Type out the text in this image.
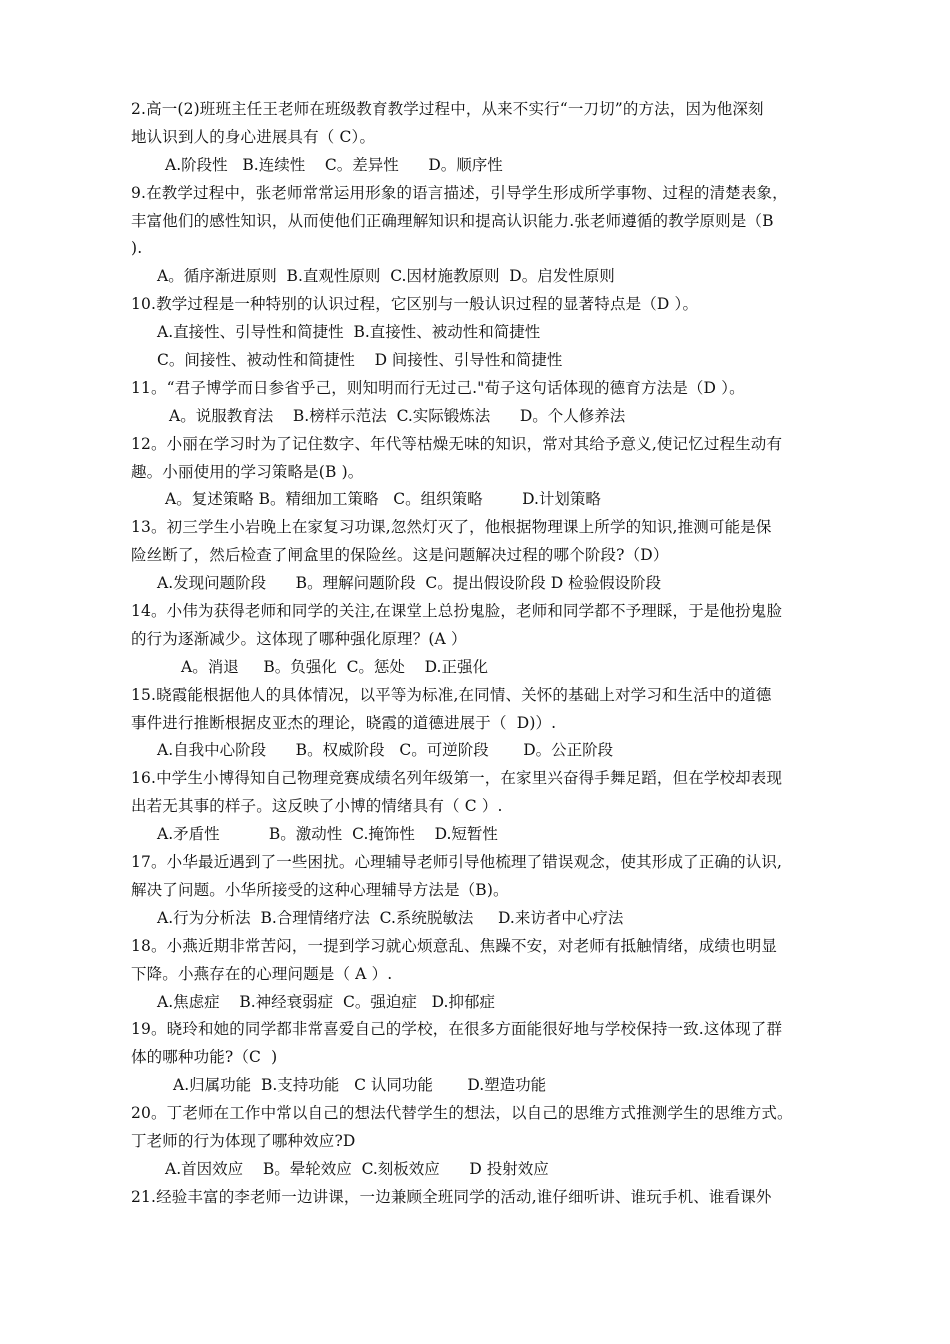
2.高一(2)班班主任王老师在班级教育教学过程中，从来不实行“一刀切”的方法，因为他深刻
地认识到人的身心进展具有（ C）。
A.阶段性   B.连续性    C。差异性      D。顺序性
9.在教学过程中，张老师常常运用形象的语言描述，引导学生形成所学事物、过程的清楚表象，
丰富他们的感性知识，从而使他们正确理解知识和提高认识能力.张老师遵循的教学原则是（B
).
A。循序渐进原则  B.直观性原则  C.因材施教原则  D。启发性原则
10.教学过程是一种特别的认识过程，它区别与一般认识过程的显著特点是（D ）。
A.直接性、引导性和简捷性  B.直接性、被动性和简捷性
C。间接性、被动性和简捷性    D 间接性、引导性和简捷性
11。“君子博学而日参省乎己，则知明而行无过己."荀子这句话体现的德育方法是（D ）。
A。说服教育法    B.榜样示范法  C.实际锻炼法      D。个人修养法
12。小丽在学习时为了记住数字、年代等枯燥无味的知识，常对其给予意义,使记忆过程生动有
趣。小丽使用的学习策略是(B )。
A。复述策略 B。精细加工策略   C。组织策略        D.计划策略
13。初三学生小岩晚上在家复习功课,忽然灯灭了，他根据物理课上所学的知识,推测可能是保
险丝断了，然后检查了闸盒里的保险丝。这是问题解决过程的哪个阶段?（D）
A.发现问题阶段      B。理解问题阶段  C。提出假设阶段 D 检验假设阶段
14。小伟为获得老师和同学的关注,在课堂上总扮鬼脸，老师和同学都不予理睬，于是他扮鬼脸
的行为逐渐减少。这体现了哪种强化原理？(A ）
A。消退     B。负强化  C。惩处    D.正强化
15.晓霞能根据他人的具体情况，以平等为标准,在同情、关怀的基础上对学习和生活中的道德
事件进行推断根据皮亚杰的理论，晓霞的道德进展于（  D)）.
A.自我中心阶段      B。权威阶段   C。可逆阶段       D。公正阶段
16.中学生小博得知自己物理竞赛成绩名列年级第一，在家里兴奋得手舞足蹈，但在学校却表现
出若无其事的样子。这反映了小博的情绪具有（ C ）.
A.矛盾性          B。激动性  C.掩饰性    D.短暂性
17。小华最近遇到了一些困扰。心理辅导老师引导他梳理了错误观念，使其形成了正确的认识,
解决了问题。小华所接受的这种心理辅导方法是（B)。
A.行为分析法  B.合理情绪疗法  C.系统脱敏法     D.来访者中心疗法
18。小燕近期非常苦闷，一提到学习就心烦意乱、焦躁不安，对老师有抵触情绪，成绩也明显
下降。小燕存在的心理问题是（ A ）.
A.焦虑症    B.神经衰弱症  C。强迫症   D.抑郁症
19。晓玲和她的同学都非常喜爱自己的学校，在很多方面能很好地与学校保持一致.这体现了群
体的哪种功能?（C  )
A.归属功能  B.支持功能   C 认同功能       D.塑造功能
20。丁老师在工作中常以自己的想法代替学生的想法，以自己的思维方式推测学生的思维方式。
丁老师的行为体现了哪种效应?D
A.首因效应    B。晕轮效应  C.刻板效应      D 投射效应
21.经验丰富的李老师一边讲课，一边兼顾全班同学的活动,谁仔细听讲、谁玩手机、谁看课外
